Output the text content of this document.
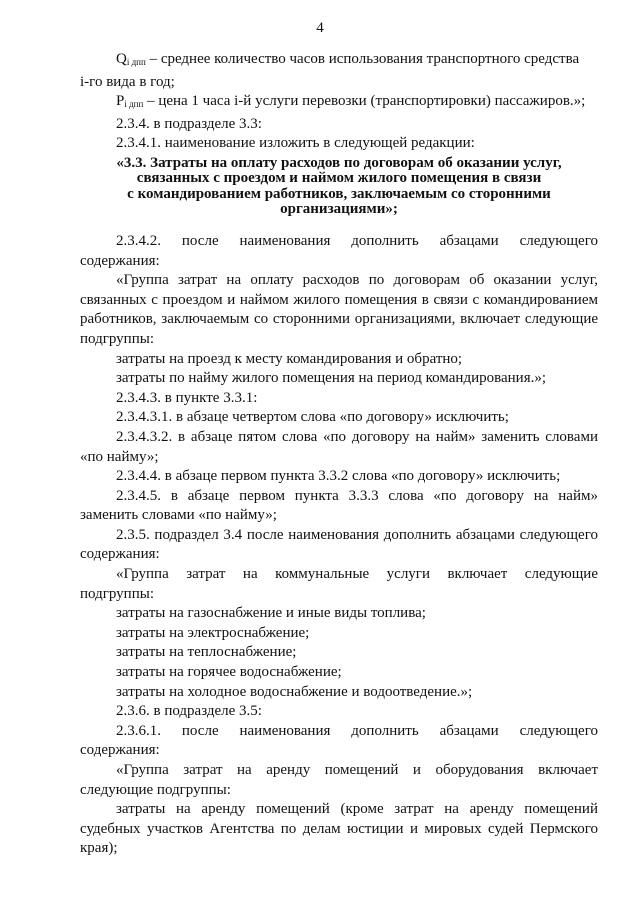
4
$Q_{i дпп}$ – среднее количество часов использования транспортного средства
i-го вида в год;
$P_{i дпп}$ – цена 1 часа i-й услуги перевозки (транспортировки) пассажиров.»;
2.3.4. в подразделе 3.3:
2.3.4.1. наименование изложить в следующей редакции:
«3.3. Затраты на оплату расходов по договорам об оказании услуг,
связанных с проездом и наймом жилого помещения в связи
с командированием работников, заключаемым со сторонними
организациями»;
2.3.4.2. после наименования дополнить абзацами следующего
содержания:
«Группа затрат на оплату расходов по договорам об оказании услуг,
связанных с проездом и наймом жилого помещения в связи с командированием
работников, заключаемым со сторонними организациями, включает следующие
подгруппы:
затраты на проезд к месту командирования и обратно;
затраты по найму жилого помещения на период командирования.»;
2.3.4.3. в пункте 3.3.1:
2.3.4.3.1. в абзаце четвертом слова «по договору» исключить;
2.3.4.3.2. в абзаце пятом слова «по договору на найм» заменить словами
«по найму»;
2.3.4.4. в абзаце первом пункта 3.3.2 слова «по договору» исключить;
2.3.4.5. в абзаце первом пункта 3.3.3 слова «по договору на найм»
заменить словами «по найму»;
2.3.5. подраздел 3.4 после наименования дополнить абзацами следующего
содержания:
«Группа затрат на коммунальные услуги включает следующие
подгруппы:
затраты на газоснабжение и иные виды топлива;
затраты на электроснабжение;
затраты на теплоснабжение;
затраты на горячее водоснабжение;
затраты на холодное водоснабжение и водоотведение.»;
2.3.6. в подразделе 3.5:
2.3.6.1. после наименования дополнить абзацами следующего
содержания:
«Группа затрат на аренду помещений и оборудования включает
следующие подгруппы:
затраты на аренду помещений (кроме затрат на аренду помещений
судебных участков Агентства по делам юстиции и мировых судей Пермского
края);
